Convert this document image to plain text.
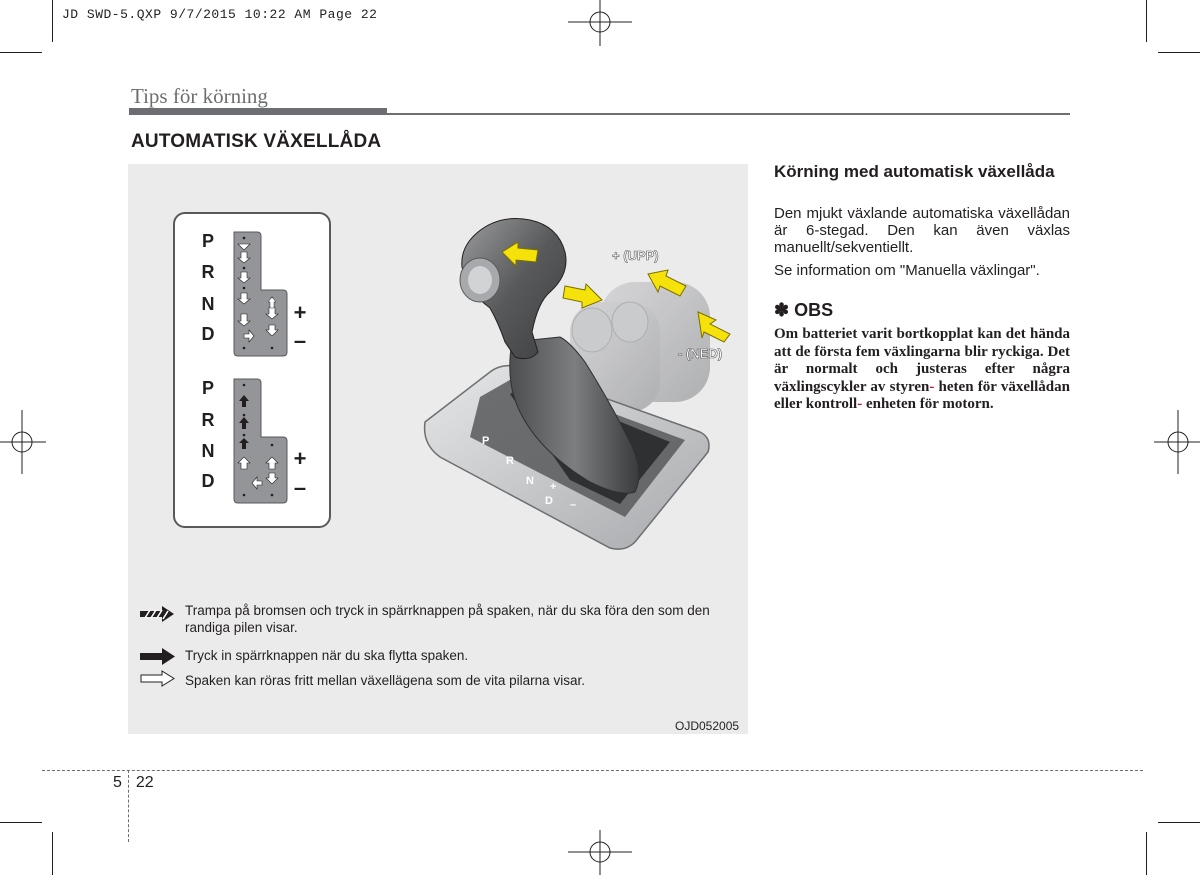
JD SWD-5.QXP 9/7/2015 10:22 AM Page 22
Tips för körning
AUTOMATISK VÄXELLÅDA
P
R
N
D
+
–
P
R
N
D
+
–
P
R
N
D
+
–
+ (UPP)
- (NED)
Trampa på bromsen och tryck in spärrknappen på spaken, när du ska föra den som den randiga pilen visar.
Tryck in spärrknappen när du ska flytta spaken.
Spaken kan röras fritt mellan växellägena som de vita pilarna visar.
OJD052005
Körning med automatisk växellåda
Den mjukt växlande automatiska växellådan är 6-stegad. Den kan även växlas manuellt/sekventiellt.
Se information om "Manuella växlingar".
✽ OBS
Om batteriet varit bortkopplat kan det hända att de första fem växlingarna blir ryckiga. Det är normalt och justeras efter några växlingscykler av styren- heten för växellådan eller kontroll- enheten för motorn.
5 22
